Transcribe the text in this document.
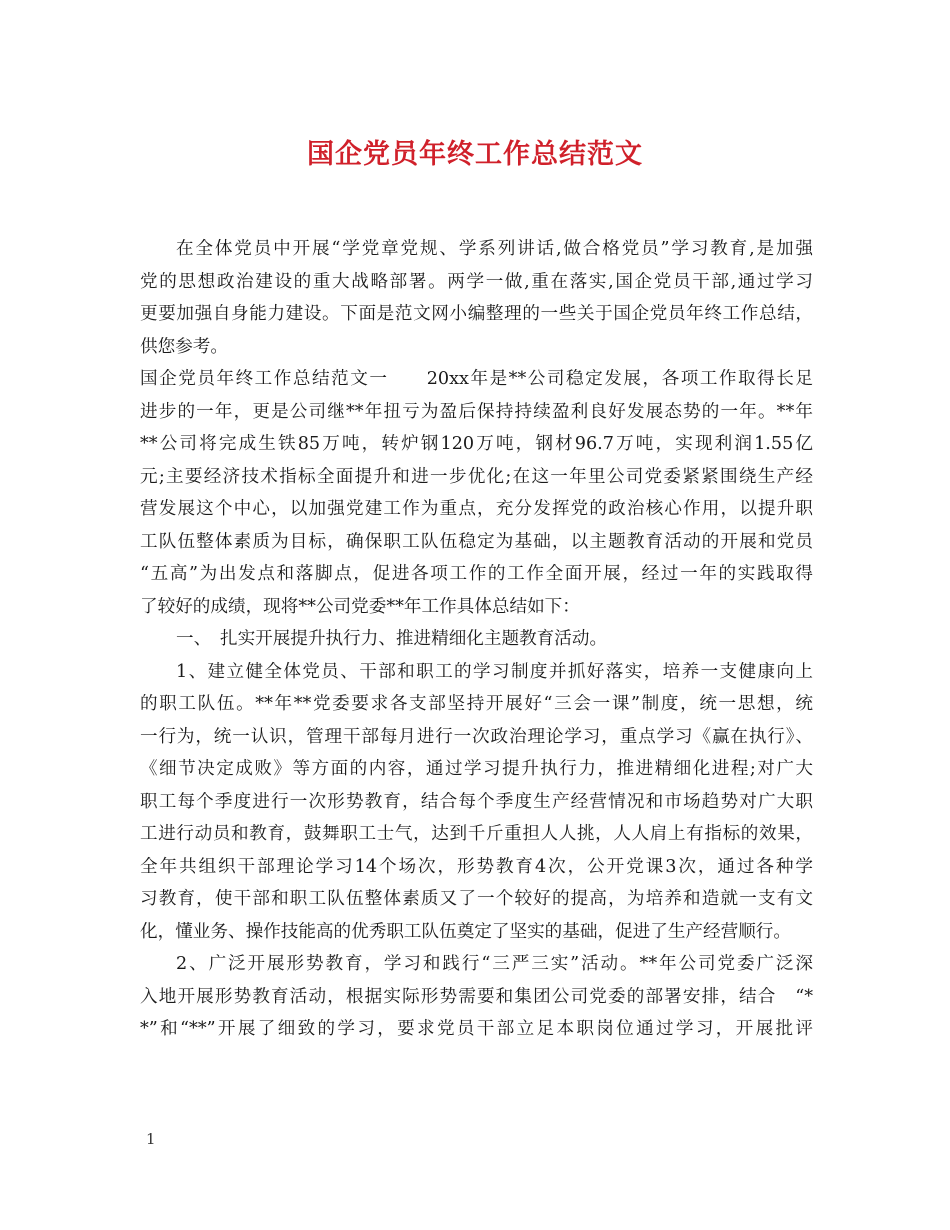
国企党员年终工作总结范文
在全体党员中开展“学党章党规、学系列讲话,做合格党员”学习教育,是加强
党的思想政治建设的重大战略部署。两学一做,重在落实,国企党员干部,通过学习
更要加强自身能力建设。下面是范文网小编整理的一些关于国企党员年终工作总结，
供您参考。
国企党员年终工作总结范文一　　20xx年是**公司稳定发展，各项工作取得长足
进步的一年，更是公司继**年扭亏为盈后保持持续盈利良好发展态势的一年。**年
**公司将完成生铁85万吨，转炉钢120万吨，钢材96.7万吨，实现利润1.55亿
元;主要经济技术指标全面提升和进一步优化;在这一年里公司党委紧紧围绕生产经
营发展这个中心，以加强党建工作为重点，充分发挥党的政治核心作用，以提升职
工队伍整体素质为目标，确保职工队伍稳定为基础，以主题教育活动的开展和党员
“五高”为出发点和落脚点，促进各项工作的工作全面开展，经过一年的实践取得
了较好的成绩，现将**公司党委**年工作具体总结如下：
一、　扎实开展提升执行力、推进精细化主题教育活动。
1、建立健全体党员、干部和职工的学习制度并抓好落实，培养一支健康向上
的职工队伍。**年**党委要求各支部坚持开展好“三会一课”制度，统一思想，统
一行为，统一认识，管理干部每月进行一次政治理论学习，重点学习《赢在执行》、
《细节决定成败》等方面的内容，通过学习提升执行力，推进精细化进程;对广大
职工每个季度进行一次形势教育，结合每个季度生产经营情况和市场趋势对广大职
工进行动员和教育，鼓舞职工士气，达到千斤重担人人挑，人人肩上有指标的效果，
全年共组织干部理论学习14个场次，形势教育4次，公开党课3次，通过各种学
习教育，使干部和职工队伍整体素质又了一个较好的提高，为培养和造就一支有文
化，懂业务、操作技能高的优秀职工队伍奠定了坚实的基础，促进了生产经营顺行。
2、广泛开展形势教育，学习和践行“三严三实”活动。**年公司党委广泛深
入地开展形势教育活动，根据实际形势需要和集团公司党委的部署安排，结合　“*
*”和“**”开展了细致的学习，要求党员干部立足本职岗位通过学习，开展批评
1
